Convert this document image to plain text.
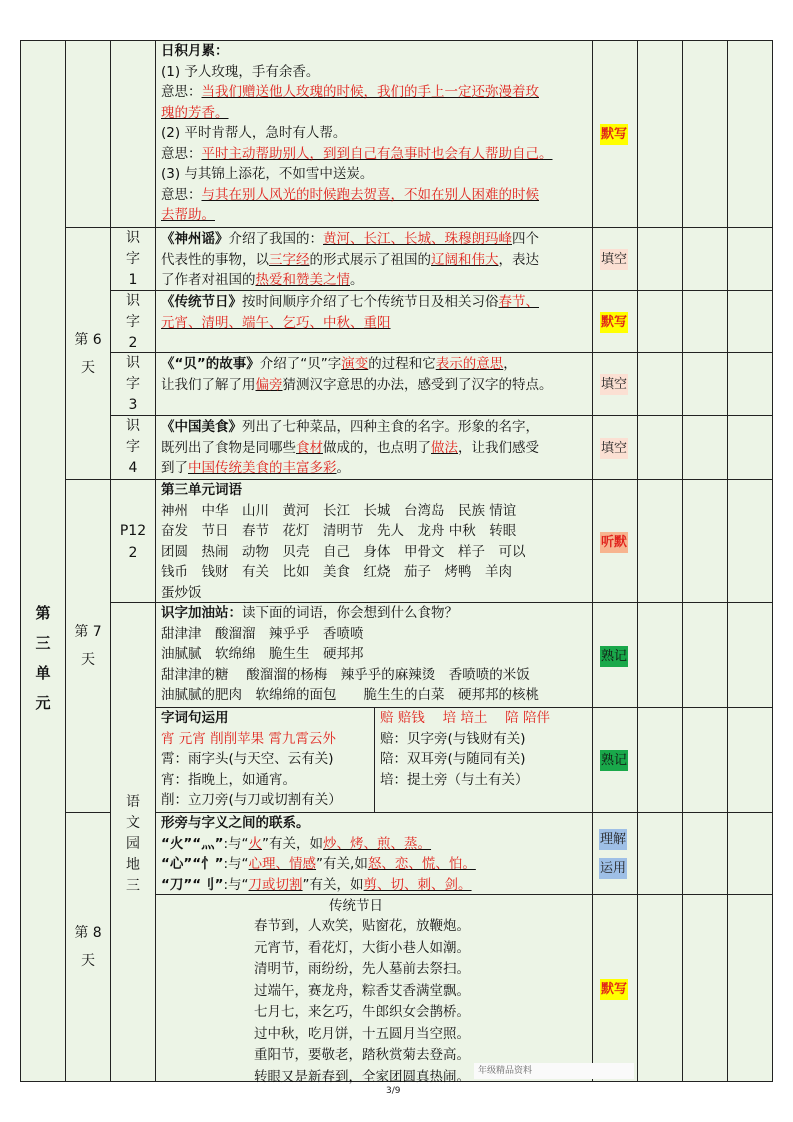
第
三
单
元
第 6
天
第 7
天
第 8
天
识
字
1
识
字
2
识
字
3
识
字
4
P12
2
语
文
园
地
三
日积月累：
(1) 予人玫瑰，手有余香。
意思：当我们赠送他人玫瑰的时候，我们的手上一定还弥漫着玫
瑰的芳香。
(2) 平时肯帮人，急时有人帮。
意思：平时主动帮助别人，到到自己有急事时也会有人帮助自己。
(3) 与其锦上添花，不如雪中送炭。
意思：与其在别人风光的时候跑去贺喜，不如在别人困难的时候
去帮助。
默写
《神州谣》介绍了我国的：黄河、长江、长城、珠穆朗玛峰四个
代表性的事物，以三字经的形式展示了祖国的辽阔和伟大，表达
了作者对祖国的热爱和赞美之情。
填空
《传统节日》按时间顺序介绍了七个传统节日及相关习俗春节、
元宵、清明、端午、乞巧、中秋、重阳	默写
《“贝”的故事》介绍了“贝”字演变的过程和它表示的意思，
让我们了解了用偏旁猜测汉字意思的办法，感受到了汉字的特点。	填空
《中国美食》列出了七种菜品，四种主食的名字。形象的名字，
既列出了食物是同哪些食材做成的，也点明了做法，让我们感受
到了中国传统美食的丰富多彩。
填空
第三单元词语
神州　中华　山川　黄河　长江　长城　台湾岛　民族 情谊
奋发　节日　春节　花灯　清明节　先人　龙舟 中秋　转眼
团圆　热闹　动物　贝壳　自己　身体　甲骨文　样子　可以
钱币　钱财　有关　比如　美食　红烧　茄子　烤鸭　羊肉
蛋炒饭
听默
识字加油站：读下面的词语，你会想到什么食物？
甜津津　酸溜溜　辣乎乎　香喷喷
油腻腻　软绵绵　脆生生　硬邦邦
甜津津的糖　 酸溜溜的杨梅　辣乎乎的麻辣烫　香喷喷的米饭
油腻腻的肥肉　软绵绵的面包　　脆生生的白菜　硬邦邦的核桃
熟记
字词句运用
宵 元宵 削削苹果 霄九霄云外
霄：雨字头(与天空、云有关)
宵：指晚上，如通宵。
削：立刀旁(与刀或切割有关）
赔 赔钱　 培 培土　 陪 陪伴
赔：贝字旁(与钱财有关)
陪：双耳旁(与随同有关)
培：提土旁（与土有关）
熟记
形旁与字义之间的联系。
“火”“灬”:与“火”有关，如炒、烤、煎、蒸。
“心”“忄”:与“心理、情感”有关,如怒、恋、慌、怕。
“刀”“刂”:与“刀或切割”有关，如剪、切、刺、剑。
理解
运用
传统节日
春节到，人欢笑，贴窗花，放鞭炮。
元宵节，看花灯，大街小巷人如潮。
清明节，雨纷纷，先人墓前去祭扫。
过端午，赛龙舟，粽香艾香满堂飘。
七月七，来乞巧，牛郎织女会鹊桥。
过中秋，吃月饼，十五圆月当空照。
重阳节，要敬老，踏秋赏菊去登高。
转眼又是新春到，全家团圆真热闹。
默写
年级精品资料
3/9
